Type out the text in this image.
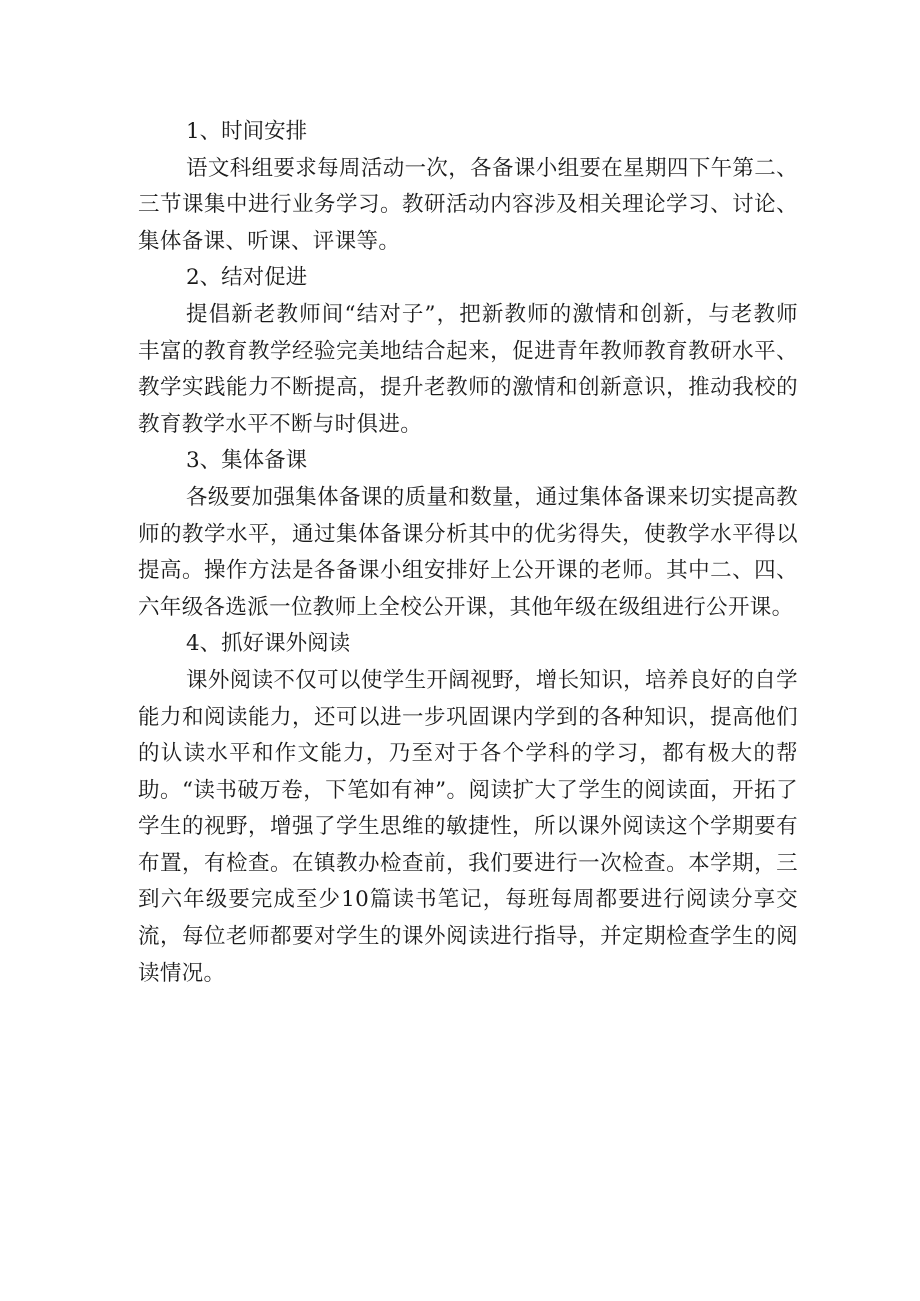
1、时间安排

语文科组要求每周活动一次，各备课小组要在星期四下午第二、三节课集中进行业务学习。教研活动内容涉及相关理论学习、讨论、集体备课、听课、评课等。

2、结对促进

提倡新老教师间“结对子”，把新教师的激情和创新，与老教师丰富的教育教学经验完美地结合起来，促进青年教师教育教研水平、教学实践能力不断提高，提升老教师的激情和创新意识，推动我校的教育教学水平不断与时俱进。

3、集体备课

各级要加强集体备课的质量和数量，通过集体备课来切实提高教师的教学水平，通过集体备课分析其中的优劣得失，使教学水平得以提高。操作方法是各备课小组安排好上公开课的老师。其中二、四、六年级各选派一位教师上全校公开课，其他年级在级组进行公开课。

4、抓好课外阅读

课外阅读不仅可以使学生开阔视野，增长知识，培养良好的自学能力和阅读能力，还可以进一步巩固课内学到的各种知识，提高他们的认读水平和作文能力，乃至对于各个学科的学习，都有极大的帮助。“读书破万卷，下笔如有神”。阅读扩大了学生的阅读面，开拓了学生的视野，增强了学生思维的敏捷性，所以课外阅读这个学期要有布置，有检查。在镇教办检查前，我们要进行一次检查。本学期，三到六年级要完成至少10篇读书笔记，每班每周都要进行阅读分享交流，每位老师都要对学生的课外阅读进行指导，并定期检查学生的阅读情况。
